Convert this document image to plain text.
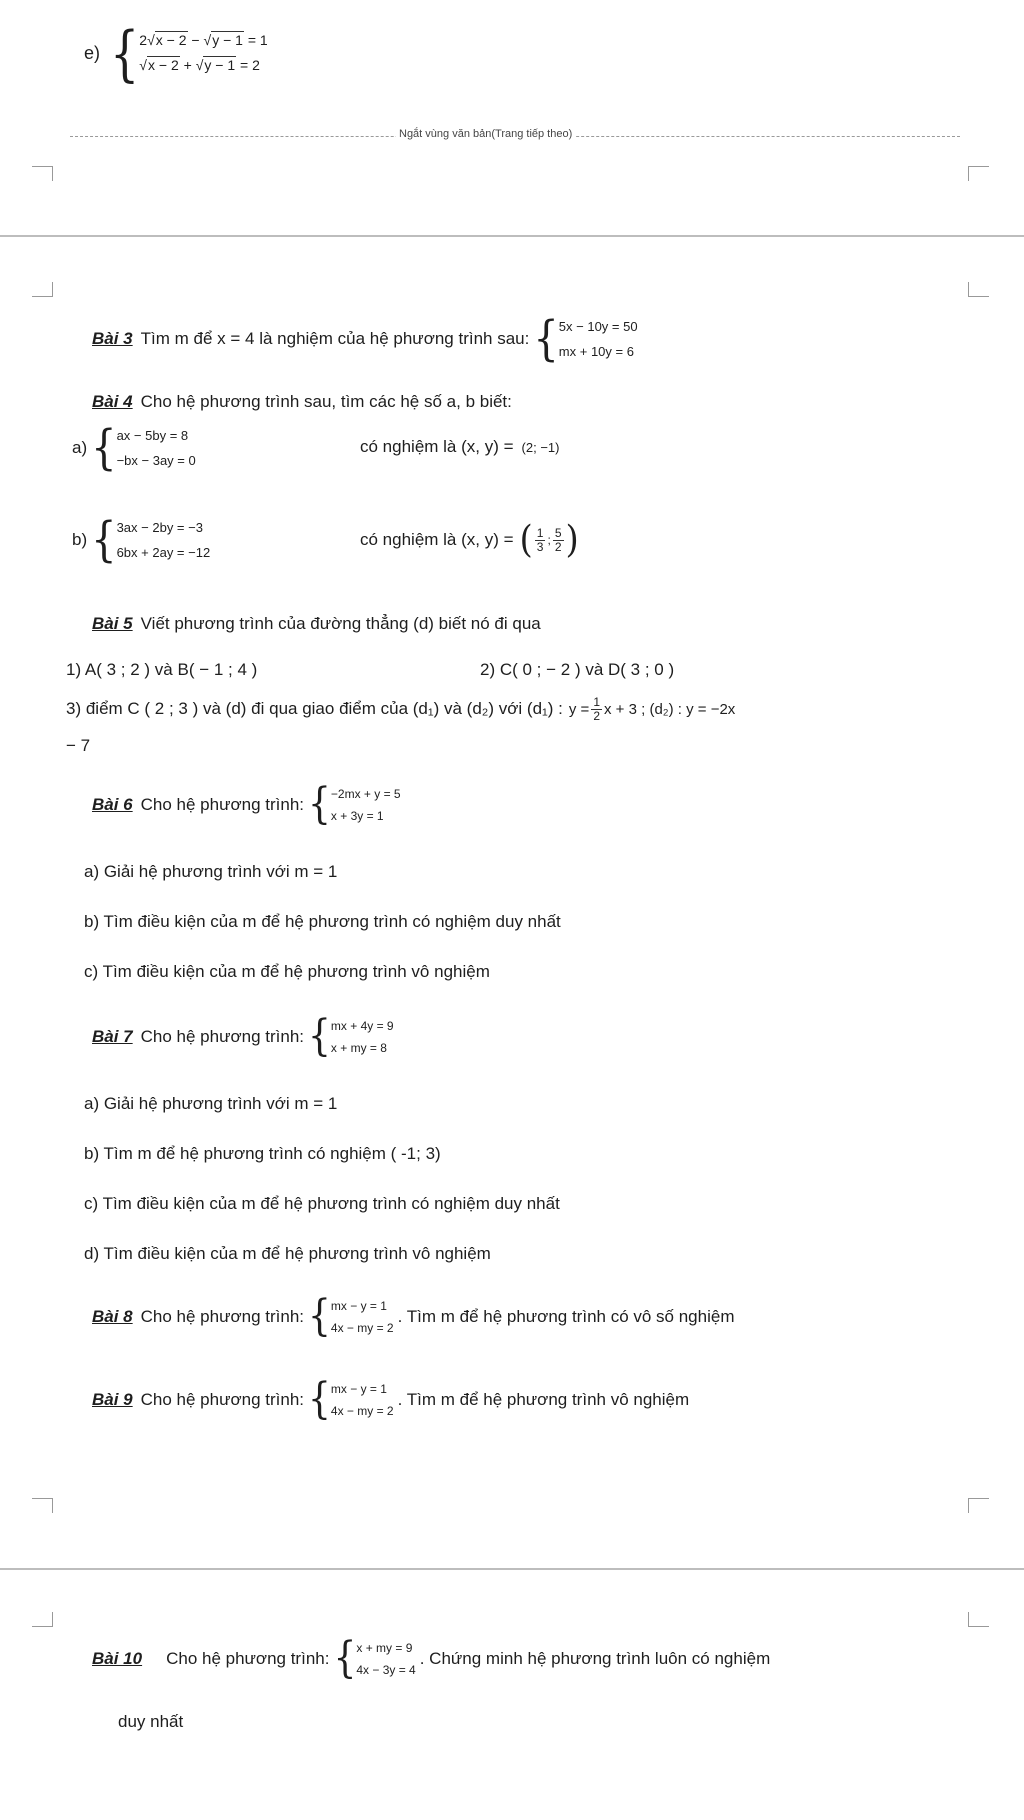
e) { 2√x − 2 − √y − 1 = 1
√x − 2 + √y − 1 = 2
Ngắt vùng văn bản(Trang tiếp theo)
Bài 3 Tìm m để x = 4 là nghiệm của hệ phương trình sau: { 5x − 10y = 50
mx + 10y = 6
Bài 4 Cho hệ phương trình sau, tìm các hệ số a, b biết:
a) { ax − 5by = 8
−bx − 3ay = 0
có nghiệm là (x, y) = (2; −1)
b) { 3ax − 2by = −3
6bx + 2ay = −12
có nghiệm là (x, y) = ( $\frac{1}{3}$ ; $\frac{5}{2}$ )
Bài 5 Viết phương trình của đường thẳng (d) biết nó đi qua
1) A( 3 ; 2 ) và B( − 1 ; 4 )	2) C( 0 ; − 2 ) và D( 3 ; 0 )
3) điểm C ( 2 ; 3 ) và (d) đi qua giao điểm của (d₁) và (d₂) với (d₁) : $y = \frac{1}{2}$ x + 3 ; (d₂) : y = −2x
− 7
Bài 6 Cho hệ phương trình: { −2mx + y = 5
x + 3y = 1
a) Giải hệ phương trình với m = 1
b) Tìm điều kiện của m để hệ phương trình có nghiệm duy nhất
c) Tìm điều kiện của m để hệ phương trình vô nghiệm
Bài 7 Cho hệ phương trình: { mx + 4y = 9
x + my = 8
a) Giải hệ phương trình với m = 1
b) Tìm m để hệ phương trình có nghiệm ( -1; 3)
c) Tìm điều kiện của m để hệ phương trình có nghiệm duy nhất
d) Tìm điều kiện của m để hệ phương trình vô nghiệm
Bài 8 Cho hệ phương trình: { mx − y = 1
4x − my = 2
. Tìm m để hệ phương trình có vô số nghiệm
Bài 9 Cho hệ phương trình: { mx − y = 1
4x − my = 2
. Tìm m để hệ phương trình vô nghiệm
Bài 10 Cho hệ phương trình: { x + my = 9
4x − 3y = 4
. Chứng minh hệ phương trình luôn có nghiệm
duy nhất
